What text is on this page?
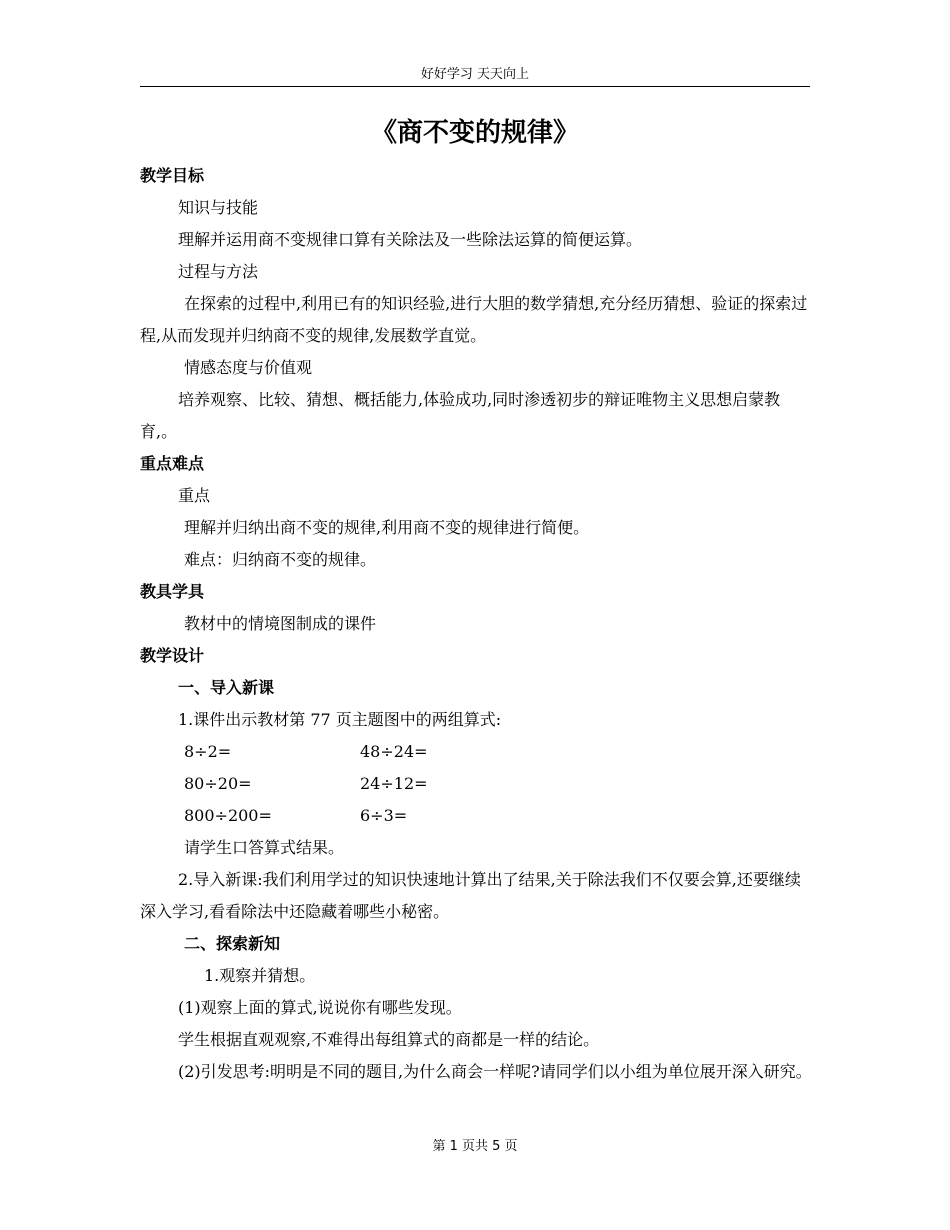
好好学习 天天向上
《商不变的规律》

教学目标

知识与技能

理解并运用商不变规律口算有关除法及一些除法运算的简便运算。

过程与方法

在探索的过程中,利用已有的知识经验,进行大胆的数学猜想,充分经历猜想、验证的探索过程,从而发现并归纳商不变的规律,发展数学直觉。

情感态度与价值观

培养观察、比较、猜想、概括能力,体验成功,同时渗透初步的辩证唯物主义思想启蒙教育,。

重点难点

重点

理解并归纳出商不变的规律,利用商不变的规律进行简便。

难点：归纳商不变的规律。

教具学具

教材中的情境图制成的课件

教学设计

一、导入新课

1.课件出示教材第 77 页主题图中的两组算式:

8÷2=	48÷24=
80÷20=	24÷12=
800÷200=	6÷3=

请学生口答算式结果。

2.导入新课:我们利用学过的知识快速地计算出了结果,关于除法我们不仅要会算,还要继续深入学习,看看除法中还隐藏着哪些小秘密。

二、探索新知

1.观察并猜想。

(1)观察上面的算式,说说你有哪些发现。

学生根据直观观察,不难得出每组算式的商都是一样的结论。

(2)引发思考:明明是不同的题目,为什么商会一样呢?请同学们以小组为单位展开深入研究。

第 1 页共 5 页
